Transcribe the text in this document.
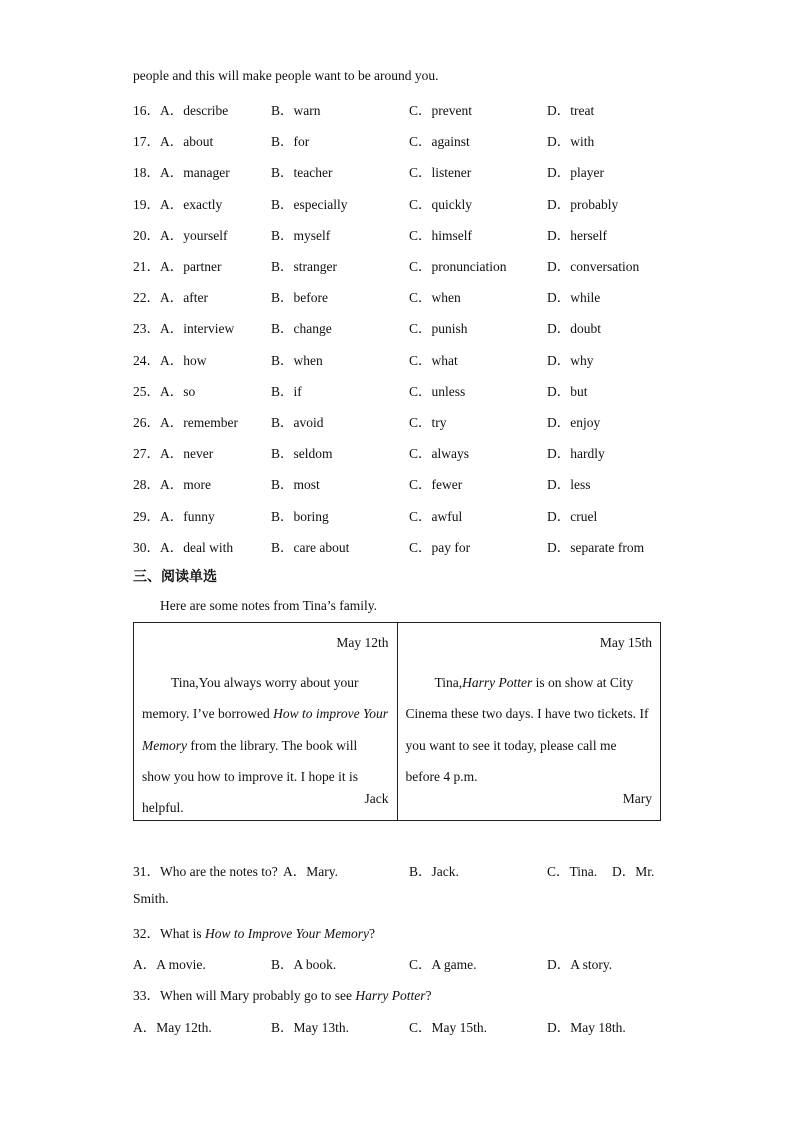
people and this will make people want to be around you.
16． A．describe	B．warn	C．prevent	D．treat
17． A．about	B．for	C．against	D．with
18． A．manager	B．teacher	C．listener	D．player
19． A．exactly	B．especially	C．quickly	D．probably
20． A．yourself	B．myself	C．himself	D．herself
21． A．partner	B．stranger	C．pronunciation	D．conversation
22． A．after	B．before	C．when	D．while
23． A．interview	B．change	C．punish	D．doubt
24． A．how	B．when	C．what	D．why
25． A．so	B．if	C．unless	D．but
26． A．remember B．avoid	C．try	D．enjoy
27． A．never	B．seldom	C．always	D．hardly
28． A．more	B．most	C．fewer	D．less
29． A．funny	B．boring	C．awful	D．cruel
30． A．deal with	B．care about	C．pay for	D．separate from
三、阅读单选
Here are some notes from Tina’s family.
May 12th
Tina,You always worry about your memory. I’ve borrowed How to improve Your Memory from the library. The book will show you how to improve it. I hope it is helpful.
Jack

May 15th
Tina,Harry Potter is on show at City Cinema these two days. I have two tickets. If you want to see it today, please call me before 4 p.m.
Mary
31．Who are the notes to? A．Mary.	B．Jack.	C．Tina. D．Mr.
Smith.
32．What is How to Improve Your Memory?
A．A movie.	B．A book.	C．A game.	D．A story.
33．When will Mary probably go to see Harry Potter?
A．May 12th.	B．May 13th.	C．May 15th.	D．May 18th.
